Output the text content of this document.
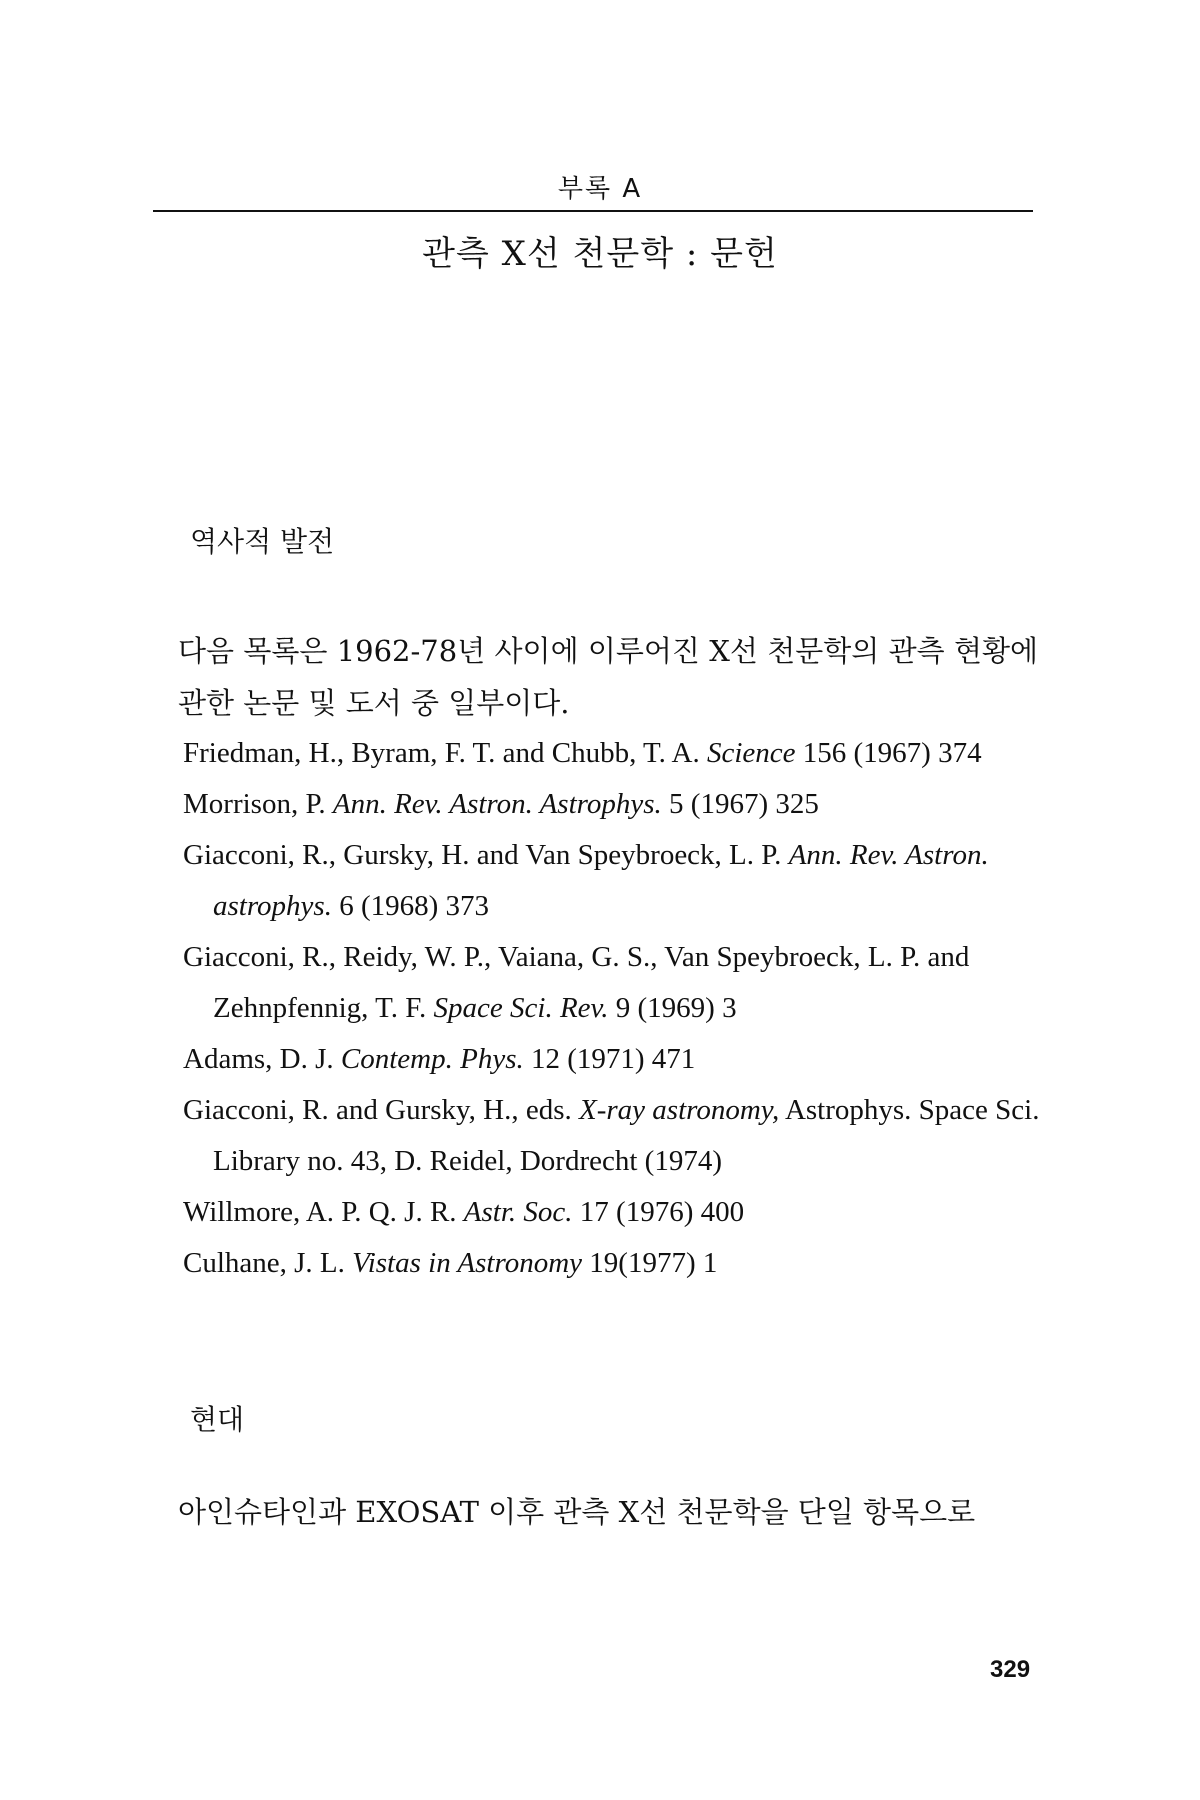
부록 A
관측 X선 천문학 : 문헌
역사적 발전
다음 목록은 1962-78년 사이에 이루어진 X선 천문학의 관측 현황에 관한 논문 및 도서 중 일부이다.

Friedman, H., Byram, F. T. and Chubb, T. A. Science 156 (1967) 374

Morrison, P. Ann. Rev. Astron. Astrophys. 5 (1967) 325

Giacconi, R., Gursky, H. and Van Speybroeck, L. P. Ann. Rev. Astron. astrophys. 6 (1968) 373

Giacconi, R., Reidy, W. P., Vaiana, G. S., Van Speybroeck, L. P. and Zehnpfennig, T. F. Space Sci. Rev. 9 (1969) 3

Adams, D. J. Contemp. Phys. 12 (1971) 471

Giacconi, R. and Gursky, H., eds. X-ray astronomy, Astrophys. Space Sci. Library no. 43, D. Reidel, Dordrecht (1974)

Willmore, A. P. Q. J. R. Astr. Soc. 17 (1976) 400

Culhane, J. L. Vistas in Astronomy 19(1977) 1

현대
아인슈타인과 EXOSAT 이후 관측 X선 천문학을 단일 항목으로
329
